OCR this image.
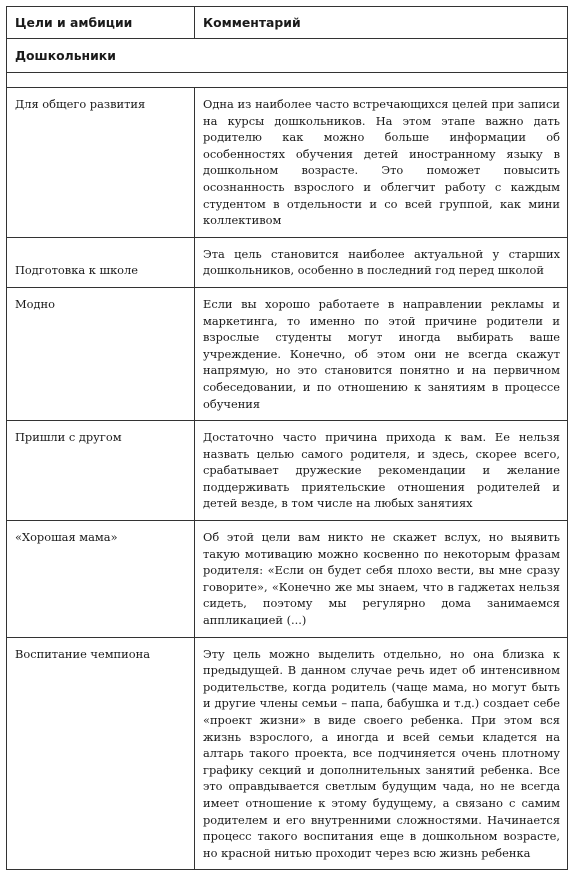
Цели и амбиции	Комментарий
Дошкольники	

Для общего развития	Одна из наиболее часто встречающихся целей при записи на курсы дошкольников. На этом этапе важно дать родителю как можно больше информации об особенностях обучения детей иностранному языку в дошкольном возрасте. Это поможет повысить осознанность взрослого и облегчит работу с каждым студентом в отдельности и со всей группой, как мини коллективом
Подготовка к школе	Эта цель становится наиболее актуальной у старших дошкольников, особенно в последний год перед школой
Модно	Если вы хорошо работаете в направлении рекламы и маркетинга, то именно по этой причине родители и взрослые студенты могут иногда выбирать ваше учреждение. Конечно, об этом они не всегда скажут напрямую, но это становится понятно и на первичном собеседовании, и по отношению к занятиям в процессе обучения
Пришли с другом	Достаточно часто причина прихода к вам. Ее нельзя назвать целью самого родителя, и здесь, скорее всего, срабатывает дружеские рекомендации и желание поддерживать приятельские отношения родителей и детей везде, в том числе на любых занятиях
«Хорошая мама»	Об этой цели вам никто не скажет вслух, но выявить такую мотивацию можно косвенно по некоторым фразам родителя: «Если он будет себя плохо вести, вы мне сразу говорите», «Конечно же мы знаем, что в гаджетах нельзя сидеть, поэтому мы регулярно дома занимаемся аппликацией (...)
Воспитание чемпиона	Эту цель можно выделить отдельно, но она близка к предыдущей. В данном случае речь идет об интенсивном родительстве, когда родитель (чаще мама, но могут быть и другие члены семьи – папа, бабушка и т.д.) создает себе «проект жизни» в виде своего ребенка. При этом вся жизнь взрослого, а иногда и всей семьи кладется на алтарь такого проекта, все подчиняется очень плотному графику секций и дополнительных занятий ребенка. Все это оправдывается светлым будущим чада, но не всегда имеет отношение к этому будущему, а связано с самим родителем и его внутренними сложностями. Начинается процесс такого воспитания еще в дошкольном возрасте, но красной нитью проходит через всю жизнь ребенка
